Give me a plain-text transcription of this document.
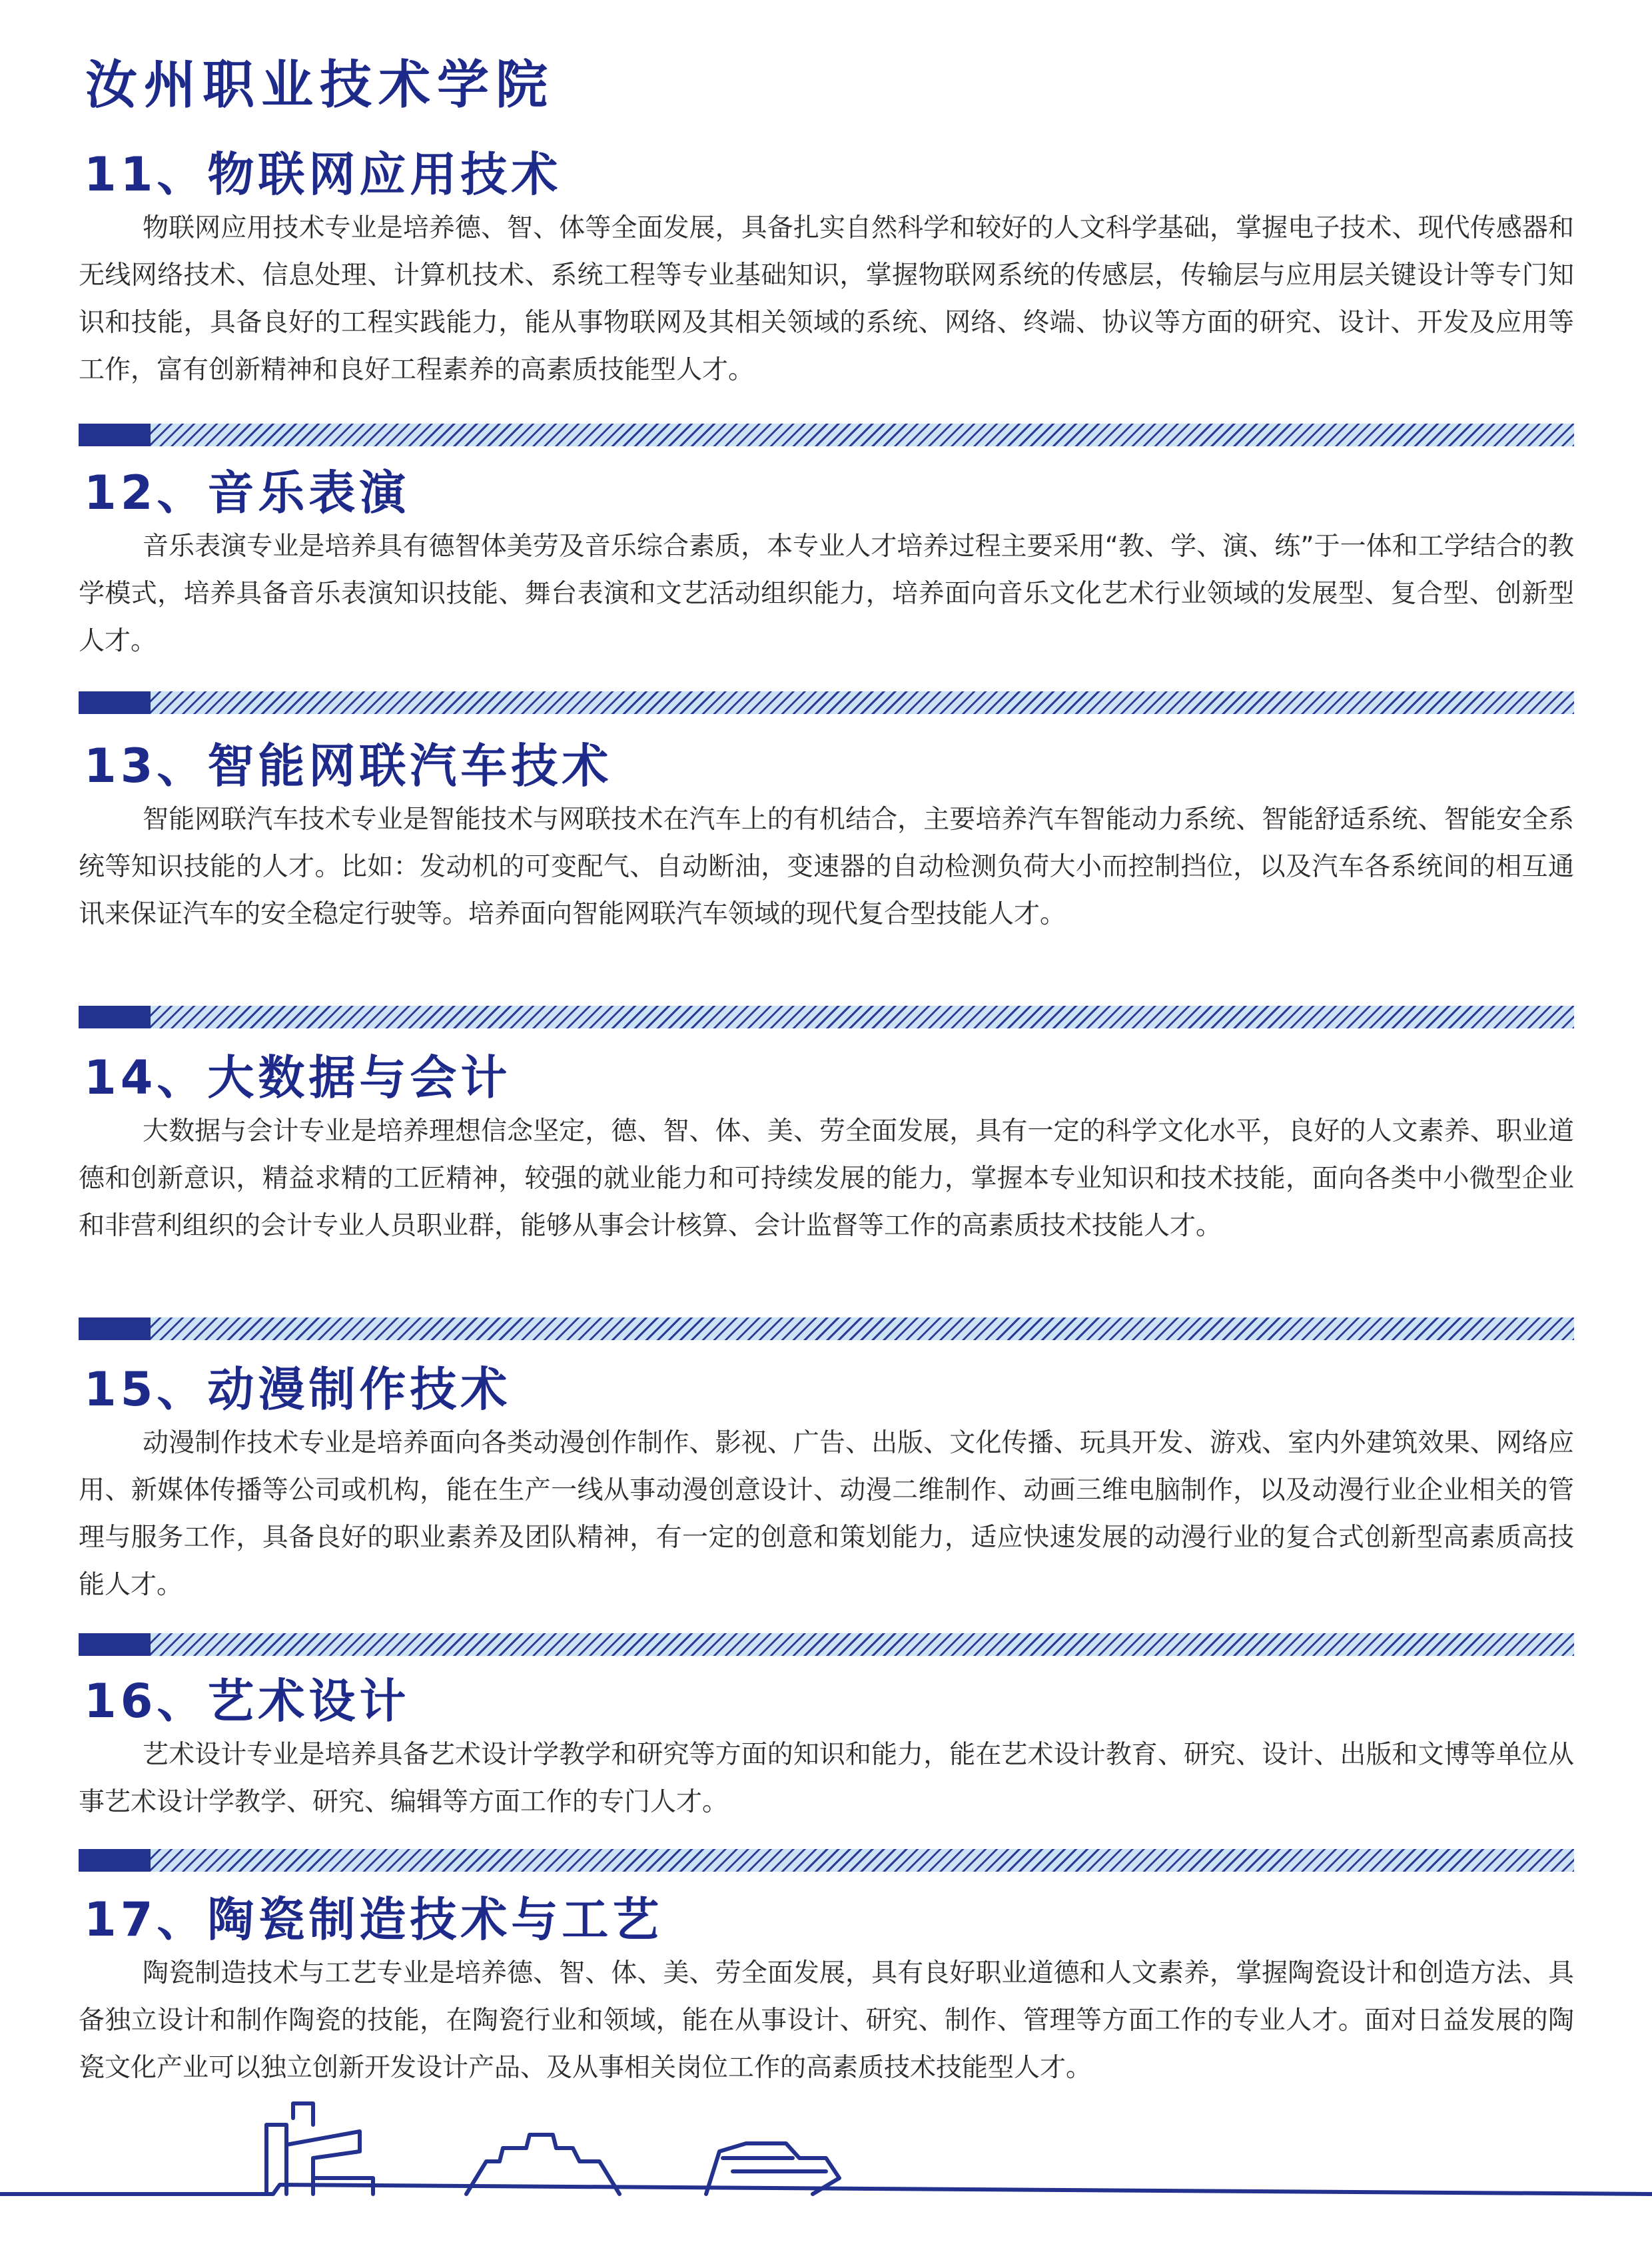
汝州职业技术学院
11、物联网应用技术

物联网应用技术专业是培养德、智、体等全面发展，具备扎实自然科学和较好的人文科学基础，掌握电子技术、现代传感器和无线网络技术、信息处理、计算机技术、系统工程等专业基础知识，掌握物联网系统的传感层，传输层与应用层关键设计等专门知识和技能，具备良好的工程实践能力，能从事物联网及其相关领域的系统、网络、终端、协议等方面的研究、设计、开发及应用等工作，富有创新精神和良好工程素养的高素质技能型人才。

12、音乐表演

音乐表演专业是培养具有德智体美劳及音乐综合素质，本专业人才培养过程主要采用“教、学、演、练”于一体和工学结合的教学模式，培养具备音乐表演知识技能、舞台表演和文艺活动组织能力，培养面向音乐文化艺术行业领域的发展型、复合型、创新型人才。

13、智能网联汽车技术

智能网联汽车技术专业是智能技术与网联技术在汽车上的有机结合，主要培养汽车智能动力系统、智能舒适系统、智能安全系统等知识技能的人才。比如：发动机的可变配气、自动断油，变速器的自动检测负荷大小而控制挡位，以及汽车各系统间的相互通讯来保证汽车的安全稳定行驶等。培养面向智能网联汽车领域的现代复合型技能人才。

14、大数据与会计

大数据与会计专业是培养理想信念坚定，德、智、体、美、劳全面发展，具有一定的科学文化水平，良好的人文素养、职业道德和创新意识，精益求精的工匠精神，较强的就业能力和可持续发展的能力，掌握本专业知识和技术技能，面向各类中小微型企业和非营利组织的会计专业人员职业群，能够从事会计核算、会计监督等工作的高素质技术技能人才。

15、动漫制作技术

动漫制作技术专业是培养面向各类动漫创作制作、影视、广告、出版、文化传播、玩具开发、游戏、室内外建筑效果、网络应用、新媒体传播等公司或机构，能在生产一线从事动漫创意设计、动漫二维制作、动画三维电脑制作，以及动漫行业企业相关的管理与服务工作，具备良好的职业素养及团队精神，有一定的创意和策划能力，适应快速发展的动漫行业的复合式创新型高素质高技能人才。

16、艺术设计

艺术设计专业是培养具备艺术设计学教学和研究等方面的知识和能力，能在艺术设计教育、研究、设计、出版和文博等单位从事艺术设计学教学、研究、编辑等方面工作的专门人才。

17、陶瓷制造技术与工艺

陶瓷制造技术与工艺专业是培养德、智、体、美、劳全面发展，具有良好职业道德和人文素养，掌握陶瓷设计和创造方法、具备独立设计和制作陶瓷的技能，在陶瓷行业和领域，能在从事设计、研究、制作、管理等方面工作的专业人才。面对日益发展的陶瓷文化产业可以独立创新开发设计产品、及从事相关岗位工作的高素质技术技能型人才。
